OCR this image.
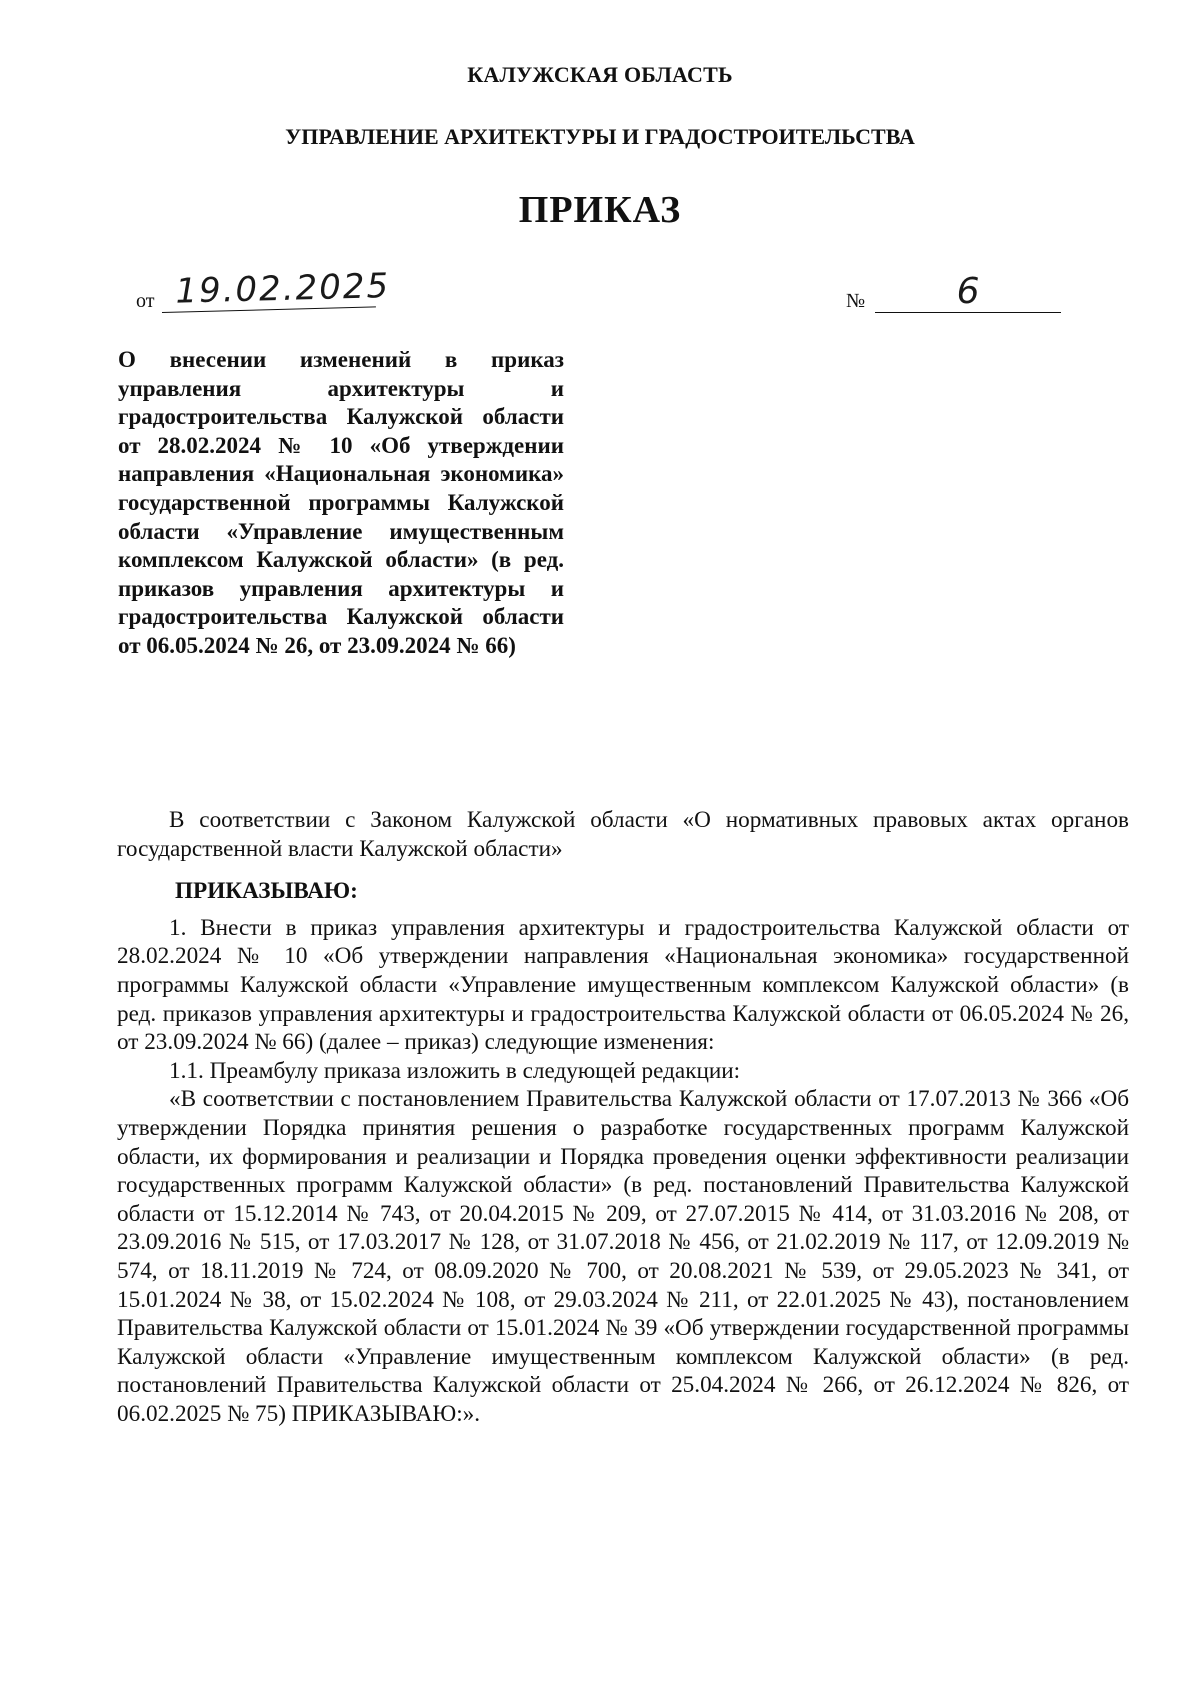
КАЛУЖСКАЯ ОБЛАСТЬ
УПРАВЛЕНИЕ АРХИТЕКТУРЫ И ГРАДОСТРОИТЕЛЬСТВА
ПРИКАЗ
от 19.02.2025	№	6
О внесении изменений в приказ управления архитектуры и градостроительства Калужской области от 28.02.2024 № 10 «Об утверждении направления «Национальная экономика» государственной программы Калужской области «Управление имущественным комплексом Калужской области» (в ред. приказов управления архитектуры и градостроительства Калужской области от 06.05.2024 № 26, от 23.09.2024 № 66)

В соответствии с Законом Калужской области «О нормативных правовых актах органов государственной власти Калужской области»

ПРИКАЗЫВАЮ:

1. Внести в приказ управления архитектуры и градостроительства Калужской области от 28.02.2024 № 10 «Об утверждении направления «Национальная экономика» государственной программы Калужской области «Управление имущественным комплексом Калужской области» (в ред. приказов управления архитектуры и градостроительства Калужской области от 06.05.2024 № 26, от 23.09.2024 № 66) (далее – приказ) следующие изменения:

1.1. Преамбулу приказа изложить в следующей редакции:

«В соответствии с постановлением Правительства Калужской области от 17.07.2013 № 366 «Об утверждении Порядка принятия решения о разработке государственных программ Калужской области, их формирования и реализации и Порядка проведения оценки эффективности реализации государственных программ Калужской области» (в ред. постановлений Правительства Калужской области от 15.12.2014 № 743, от 20.04.2015 № 209, от 27.07.2015 № 414, от 31.03.2016 № 208, от 23.09.2016 № 515, от 17.03.2017 № 128, от 31.07.2018 № 456, от 21.02.2019 № 117, от 12.09.2019 № 574, от 18.11.2019 № 724, от 08.09.2020 № 700, от 20.08.2021 № 539, от 29.05.2023 № 341, от 15.01.2024 № 38, от 15.02.2024 № 108, от 29.03.2024 № 211, от 22.01.2025 № 43), постановлением Правительства Калужской области от 15.01.2024 № 39 «Об утверждении государственной программы Калужской области «Управление имущественным комплексом Калужской области» (в ред. постановлений Правительства Калужской области от 25.04.2024 № 266, от 26.12.2024 № 826, от 06.02.2025 № 75) ПРИКАЗЫВАЮ:».
